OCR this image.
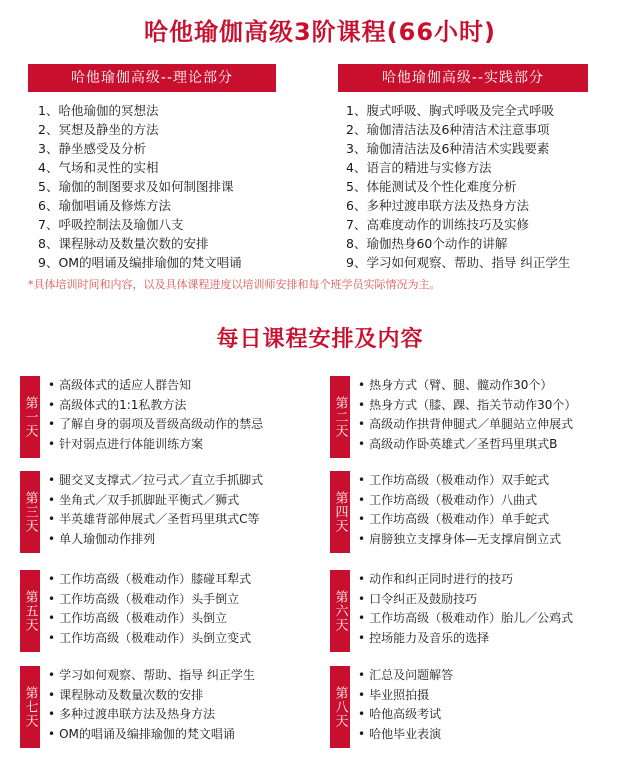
哈他瑜伽高级3阶课程(66小时)
哈他瑜伽高级--理论部分	哈他瑜伽高级--实践部分
1、哈他瑜伽的冥想法
2、冥想及静坐的方法
3、静坐感受及分析
4、气场和灵性的实相
5、瑜伽的制图要求及如何制图排课
6、瑜伽唱诵及修炼方法
7、呼吸控制法及瑜伽八支
8、课程脉动及数量次数的安排
9、OM的唱诵及编排瑜伽的梵文唱诵
1、腹式呼吸、胸式呼吸及完全式呼吸
2、瑜伽清洁法及6种清洁术注意事项
3、瑜伽清洁法及6种清洁术实践要素
4、语言的精进与实修方法
5、体能测试及个性化难度分析
6、多种过渡串联方法及热身方法
7、高难度动作的训练技巧及实修
8、瑜伽热身60个动作的讲解
9、学习如何观察、帮助、指导 纠正学生
*具体培训时间和内容，以及具体课程进度以培训师安排和每个班学员实际情况为主。
每日课程安排及内容
第一天
• 高级体式的适应人群告知
• 高级体式的1:1私教方法
• 了解自身的弱项及晋级高级动作的禁忌
• 针对弱点进行体能训练方案
第二天
• 热身方式（臂、腿、髋动作30个）
• 热身方式（膝、踝、指关节动作30个）
• 高级动作拱背伸腿式／单腿站立伸展式
• 高级动作卧英雄式／圣哲玛里琪式B
第三天
• 腿交叉支撑式／拉弓式／直立手抓脚式
• 坐角式／双手抓脚趾平衡式／狮式
• 半英雄背部伸展式／圣哲玛里琪式C等
• 单人瑜伽动作排列
第四天
• 工作坊高级（极难动作）双手蛇式
• 工作坊高级（极难动作）八曲式
• 工作坊高级（极难动作）单手蛇式
• 肩膀独立支撑身体—无支撑肩倒立式
第五天
• 工作坊高级（极难动作）膝碰耳犁式
• 工作坊高级（极难动作）头手倒立
• 工作坊高级（极难动作）头倒立
• 工作坊高级（极难动作）头倒立变式
第六天
• 动作和纠正同时进行的技巧
• 口令纠正及鼓励技巧
• 工作坊高级（极难动作）胎儿／公鸡式
• 控场能力及音乐的选择
第七天
• 学习如何观察、帮助、指导 纠正学生
• 课程脉动及数量次数的安排
• 多种过渡串联方法及热身方法
• OM的唱诵及编排瑜伽的梵文唱诵
第八天
• 汇总及问题解答
• 毕业照拍摄
• 哈他高级考试
• 哈他毕业表演
